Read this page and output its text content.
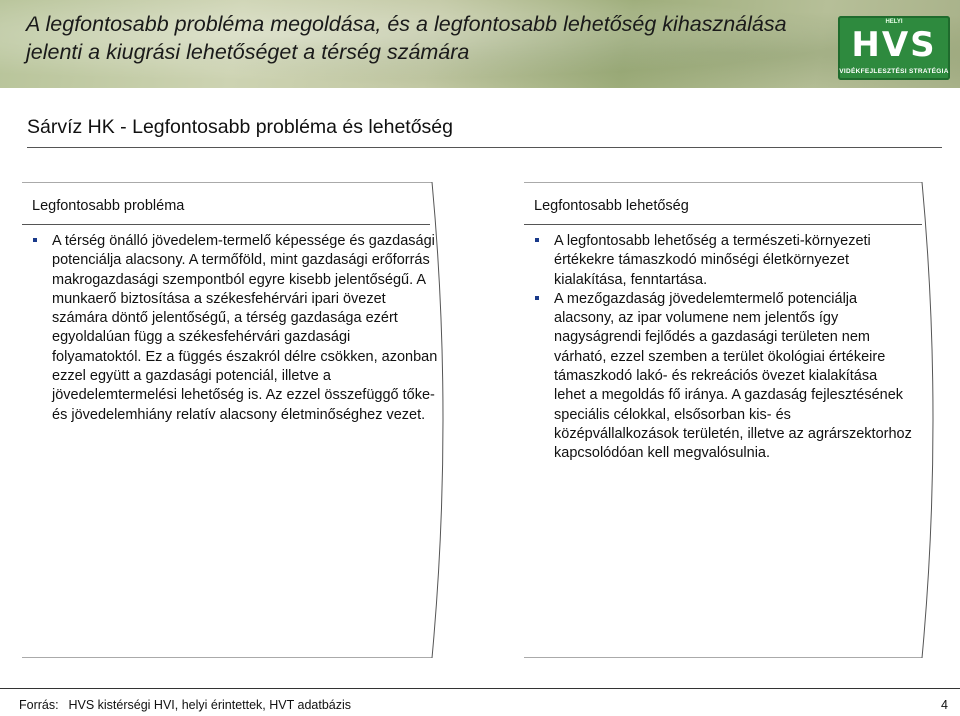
A legfontosabb probléma megoldása, és a legfontosabb lehetőség kihasználása jelenti a kiugrási lehetőséget a térség számára
HELYI
HVS
VIDÉKFEJLESZTÉSI STRATÉGIA
Sárvíz HK - Legfontosabb probléma és lehetőség
Legfontosabb probléma
A térség önálló jövedelem-termelő képessége és gazdasági potenciálja alacsony. A termőföld, mint gazdasági erőforrás makrogazdasági szempontból egyre kisebb jelentőségű. A munkaerő biztosítása a székesfehérvári ipari övezet számára döntő jelentőségű, a térség gazdasága ezért egyoldalúan függ a székesfehérvári gazdasági folyamatoktól. Ez a függés északról délre csökken, azonban ezzel együtt a gazdasági potenciál, illetve a jövedelemtermelési lehetőség is. Az ezzel összefüggő tőke- és jövedelemhiány relatív alacsony életminőséghez vezet.
Legfontosabb lehetőség
A legfontosabb lehetőség a természeti-környezeti értékekre támaszkodó minőségi életkörnyezet kialakítása, fenntartása.
A mezőgazdaság jövedelemtermelő potenciálja alacsony, az ipar volumene nem jelentős így nagyságrendi fejlődés a gazdasági területen nem várható, ezzel szemben a terület ökológiai értékeire támaszkodó lakó- és rekreációs övezet kialakítása lehet a megoldás fő iránya. A gazdaság fejlesztésének speciális célokkal, elsősorban kis- és középvállalkozások területén, illetve az agrárszektorhoz kapcsolódóan kell megvalósulnia.
Forrás: HVS kistérségi HVI, helyi érintettek, HVT adatbázis	4
